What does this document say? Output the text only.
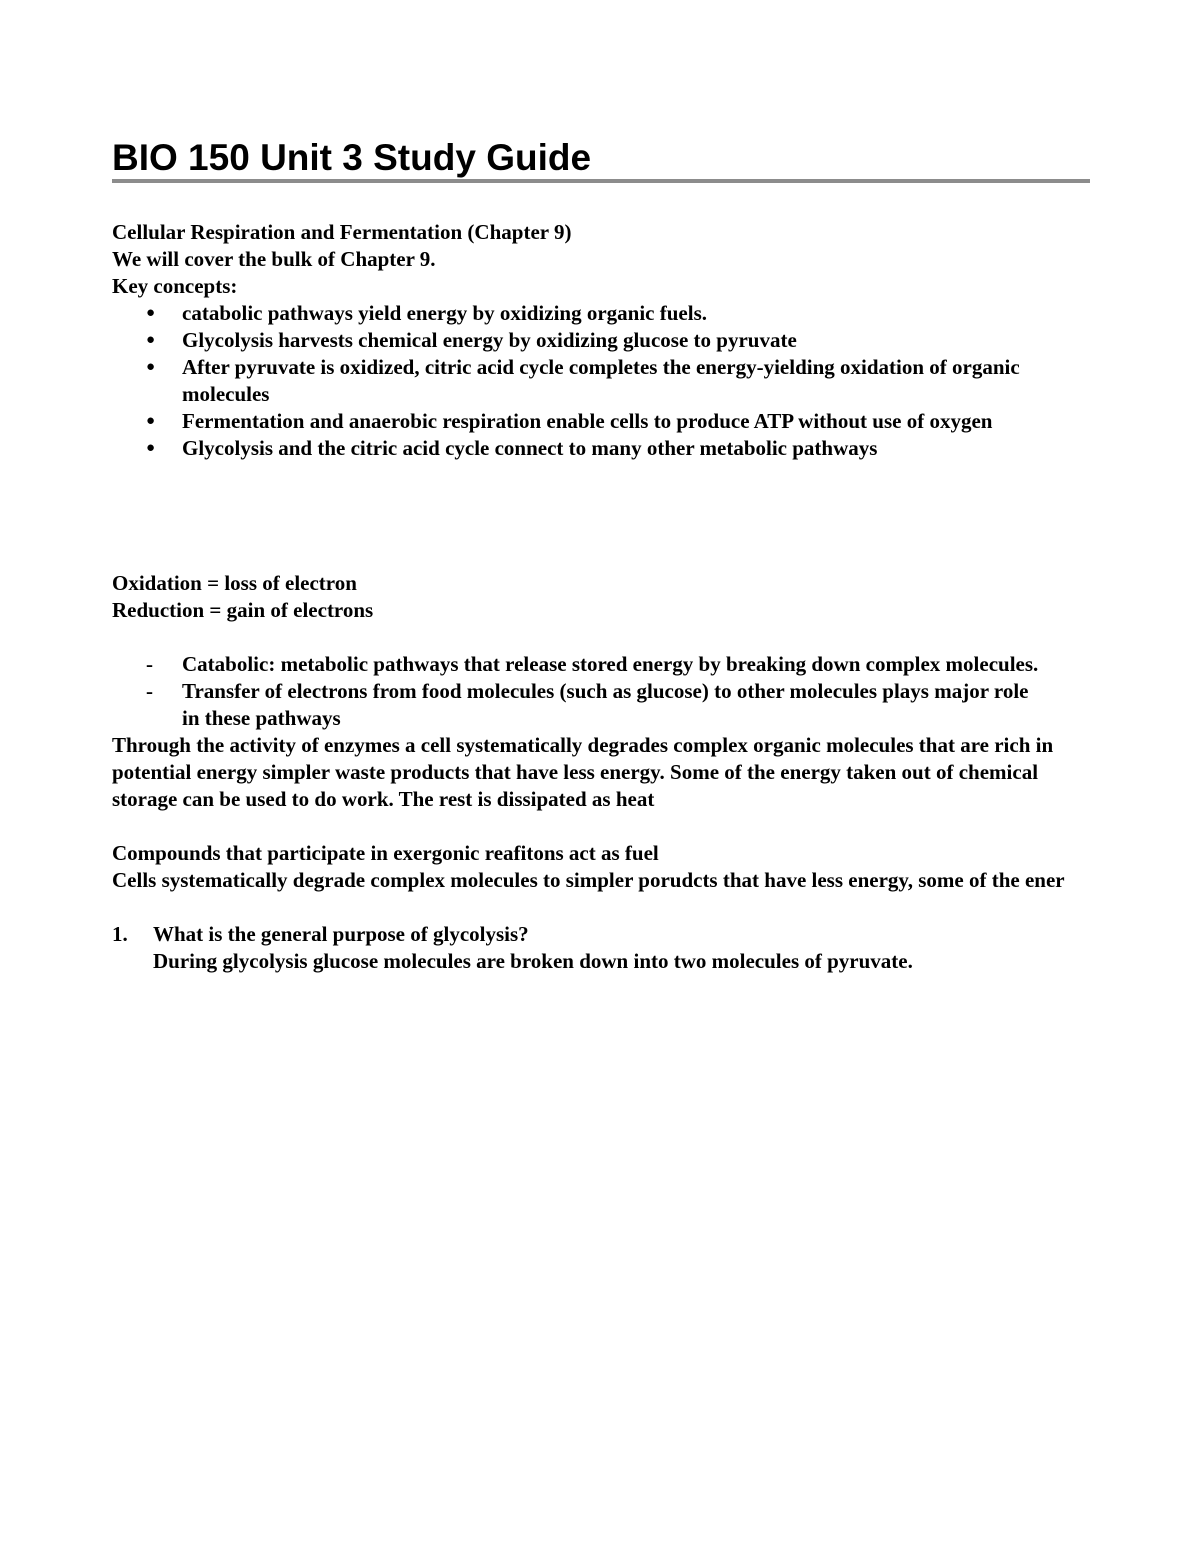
BIO 150 Unit 3 Study Guide

Cellular Respiration and Fermentation (Chapter 9)

We will cover the bulk of Chapter 9.

Key concepts:

● catabolic pathways yield energy by oxidizing organic fuels.
● Glycolysis harvests chemical energy by oxidizing glucose to pyruvate
● After pyruvate is oxidized, citric acid cycle completes the energy-yielding oxidation of organic molecules
● Fermentation and anaerobic respiration enable cells to produce ATP without use of oxygen
● Glycolysis and the citric acid cycle connect to many other metabolic pathways

Oxidation = loss of electron

Reduction = gain of electrons

- Catabolic: metabolic pathways that release stored energy by breaking down complex molecules.
- Transfer of electrons from food molecules (such as glucose) to other molecules plays major role in these pathways

Through the activity of enzymes a cell systematically degrades complex organic molecules that are rich in potential energy simpler waste products that have less energy. Some of the energy taken out of chemical storage can be used to do work. The rest is dissipated as heat

Compounds that participate in exergonic reafitons act as fuel

Cells systematically degrade complex molecules to simpler porudcts that have less energy, some of the ener

1. What is the general purpose of glycolysis?
During glycolysis glucose molecules are broken down into two molecules of pyruvate.
